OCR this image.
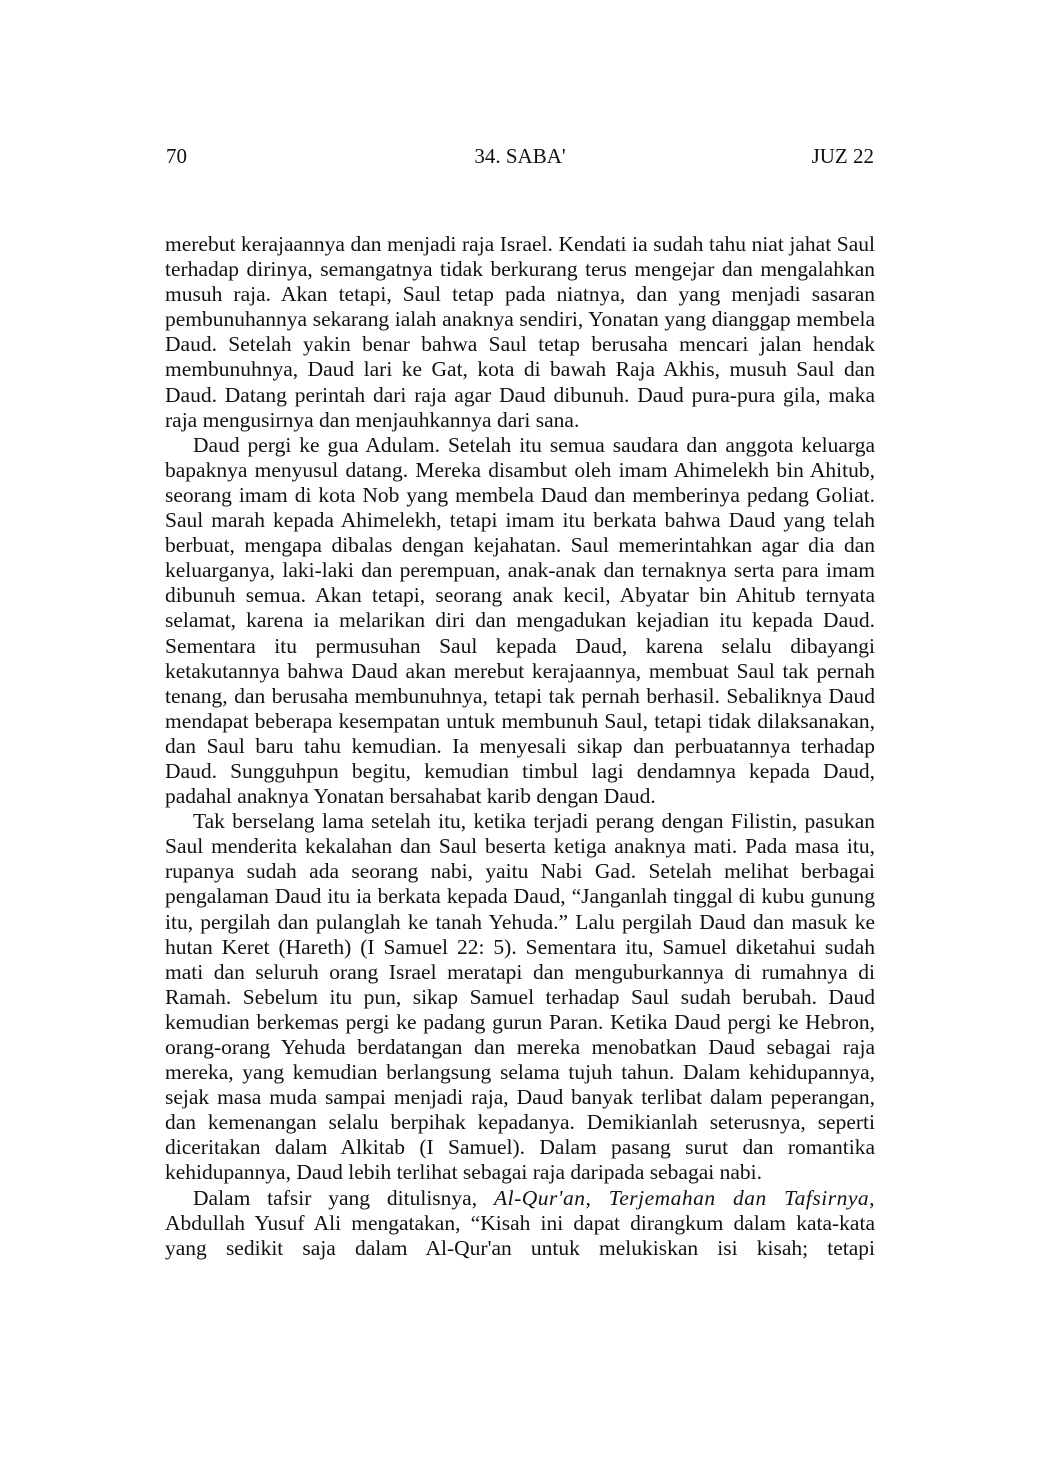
70	34. SABA'	JUZ 22

merebut kerajaannya dan menjadi raja Israel. Kendati ia sudah tahu niat jahat Saul terhadap dirinya, semangatnya tidak berkurang terus mengejar dan mengalahkan musuh raja. Akan tetapi, Saul tetap pada niatnya, dan yang menjadi sasaran pembunuhannya sekarang ialah anaknya sendiri, Yonatan yang dianggap membela Daud. Setelah yakin benar bahwa Saul tetap berusaha mencari jalan hendak membunuhnya, Daud lari ke Gat, kota di bawah Raja Akhis, musuh Saul dan Daud. Datang perintah dari raja agar Daud dibunuh. Daud pura-pura gila, maka raja mengusirnya dan menjauhkannya dari sana.

Daud pergi ke gua Adulam. Setelah itu semua saudara dan anggota keluarga bapaknya menyusul datang. Mereka disambut oleh imam Ahimelekh bin Ahitub, seorang imam di kota Nob yang membela Daud dan memberinya pedang Goliat. Saul marah kepada Ahimelekh, tetapi imam itu berkata bahwa Daud yang telah berbuat, mengapa dibalas dengan kejahatan. Saul memerintahkan agar dia dan keluarganya, laki-laki dan perempuan, anak-anak dan ternaknya serta para imam dibunuh semua. Akan tetapi, seorang anak kecil, Abyatar bin Ahitub ternyata selamat, karena ia melarikan diri dan mengadukan kejadian itu kepada Daud. Sementara itu permusuhan Saul kepada Daud, karena selalu dibayangi ketakutannya bahwa Daud akan merebut kerajaannya, membuat Saul tak pernah tenang, dan berusaha membunuhnya, tetapi tak pernah berhasil. Sebaliknya Daud mendapat beberapa kesempatan untuk membunuh Saul, tetapi tidak dilaksanakan, dan Saul baru tahu kemudian. Ia menyesali sikap dan perbuatannya terhadap Daud. Sungguhpun begitu, kemudian timbul lagi dendamnya kepada Daud, padahal anaknya Yonatan bersahabat karib dengan Daud.

Tak berselang lama setelah itu, ketika terjadi perang dengan Filistin, pasukan Saul menderita kekalahan dan Saul beserta ketiga anaknya mati. Pada masa itu, rupanya sudah ada seorang nabi, yaitu Nabi Gad. Setelah melihat berbagai pengalaman Daud itu ia berkata kepada Daud, “Janganlah tinggal di kubu gunung itu, pergilah dan pulanglah ke tanah Yehuda.” Lalu pergilah Daud dan masuk ke hutan Keret (Hareth) (I Samuel 22: 5). Sementara itu, Samuel diketahui sudah mati dan seluruh orang Israel meratapi dan menguburkannya di rumahnya di Ramah. Sebelum itu pun, sikap Samuel terhadap Saul sudah berubah. Daud kemudian berkemas pergi ke padang gurun Paran. Ketika Daud pergi ke Hebron, orang-orang Yehuda berdatangan dan mereka menobatkan Daud sebagai raja mereka, yang kemudian berlangsung selama tujuh tahun. Dalam kehidupannya, sejak masa muda sampai menjadi raja, Daud banyak terlibat dalam peperangan, dan kemenangan selalu berpihak kepadanya. Demikianlah seterusnya, seperti diceritakan dalam Alkitab (I Samuel). Dalam pasang surut dan romantika kehidupannya, Daud lebih terlihat sebagai raja daripada sebagai nabi.

Dalam tafsir yang ditulisnya, Al-Qur'an, Terjemahan dan Tafsirnya, Abdullah Yusuf Ali mengatakan, “Kisah ini dapat dirangkum dalam kata-kata yang sedikit saja dalam Al-Qur'an untuk melukiskan isi kisah; tetapi
